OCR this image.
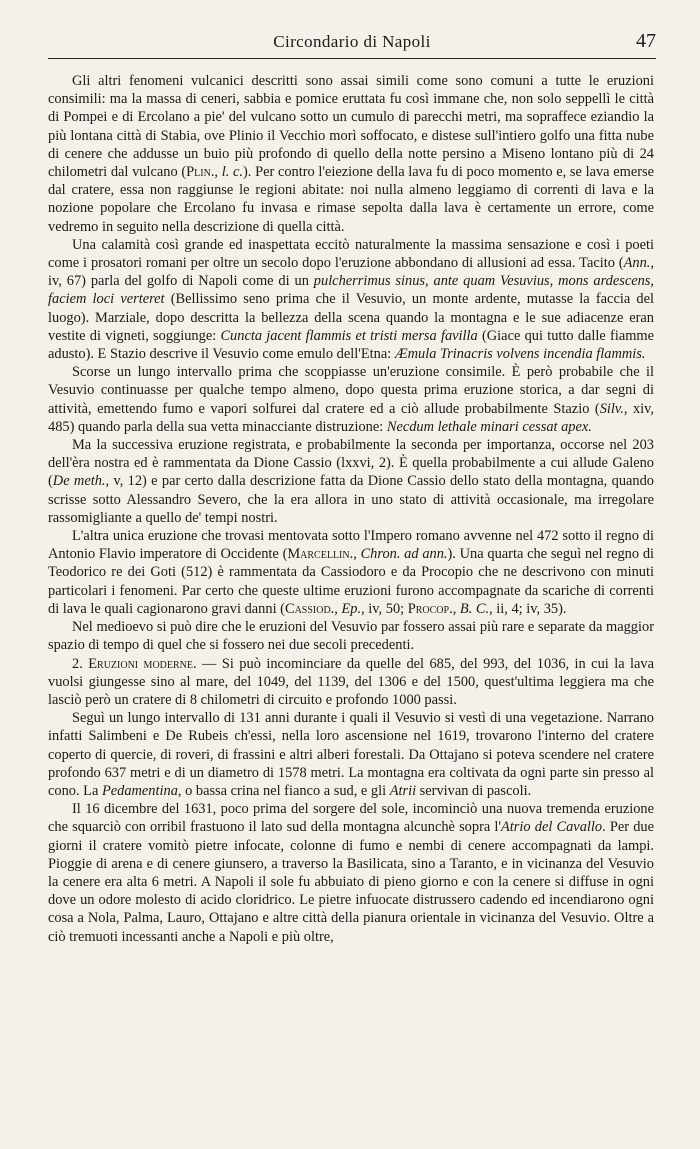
Circondario di Napoli	47

Gli altri fenomeni vulcanici descritti sono assai simili come sono comuni a tutte le eruzioni consimili: ma la massa di ceneri, sabbia e pomice eruttata fu così immane che, non solo seppellì le città di Pompei e di Ercolano a pie' del vulcano sotto un cumulo di parecchi metri, ma sopraffece eziandio la più lontana città di Stabia, ove Plinio il Vecchio morì soffocato, e distese sull'intiero golfo una fitta nube di cenere che addusse un buio più profondo di quello della notte persino a Miseno lontano più di 24 chilometri dal vulcano (Plin., l. c.). Per contro l'eiezione della lava fu di poco momento e, se lava emerse dal cratere, essa non raggiunse le regioni abitate: noi nulla almeno leggiamo di correnti di lava e la nozione popolare che Ercolano fu invasa e rimase sepolta dalla lava è certamente un errore, come vedremo in seguito nella descrizione di quella città.

Una calamità così grande ed inaspettata eccitò naturalmente la massima sensazione e così i poeti come i prosatori romani per oltre un secolo dopo l'eruzione abbondano di allusioni ad essa. Tacito (Ann., iv, 67) parla del golfo di Napoli come di un pulcherrimus sinus, ante quam Vesuvius, mons ardescens, faciem loci verteret (Bellissimo seno prima che il Vesuvio, un monte ardente, mutasse la faccia del luogo). Marziale, dopo descritta la bellezza della scena quando la montagna e le sue adiacenze eran vestite di vigneti, soggiunge: Cuncta jacent flammis et tristi mersa favilla (Giace qui tutto dalle fiamme adusto). E Stazio descrive il Vesuvio come emulo dell'Etna: Æmula Trinacris volvens incendia flammis.

Scorse un lungo intervallo prima che scoppiasse un'eruzione consimile. È però probabile che il Vesuvio continuasse per qualche tempo almeno, dopo questa prima eruzione storica, a dar segni di attività, emettendo fumo e vapori solfurei dal cratere ed a ciò allude probabilmente Stazio (Silv., xiv, 485) quando parla della sua vetta minacciante distruzione: Necdum lethale minari cessat apex.

Ma la successiva eruzione registrata, e probabilmente la seconda per importanza, occorse nel 203 dell'èra nostra ed è rammentata da Dione Cassio (lxxvi, 2). È quella probabilmente a cui allude Galeno (De meth., v, 12) e par certo dalla descrizione fatta da Dione Cassio dello stato della montagna, quando scrisse sotto Alessandro Severo, che la era allora in uno stato di attività occasionale, ma irregolare rassomigliante a quello de' tempi nostri.

L'altra unica eruzione che trovasi mentovata sotto l'Impero romano avvenne nel 472 sotto il regno di Antonio Flavio imperatore di Occidente (Marcellin., Chron. ad ann.). Una quarta che seguì nel regno di Teodorico re dei Goti (512) è rammentata da Cassiodoro e da Procopio che ne descrivono con minuti particolari i fenomeni. Par certo che queste ultime eruzioni furono accompagnate da scariche di correnti di lava le quali cagionarono gravi danni (Cassiod., Ep., iv, 50; Procop., B. C., ii, 4; iv, 35).

Nel medioevo si può dire che le eruzioni del Vesuvio par fossero assai più rare e separate da maggior spazio di tempo di quel che si fossero nei due secoli precedenti.

2. Eruzioni moderne. — Si può incominciare da quelle del 685, del 993, del 1036, in cui la lava vuolsi giungesse sino al mare, del 1049, del 1139, del 1306 e del 1500, quest'ultima leggiera ma che lasciò però un cratere di 8 chilometri di circuito e profondo 1000 passi.

Seguì un lungo intervallo di 131 anni durante i quali il Vesuvio si vestì di una vegetazione. Narrano infatti Salimbeni e De Rubeis ch'essi, nella loro ascensione nel 1619, trovarono l'interno del cratere coperto di quercie, di roveri, di frassini e altri alberi forestali. Da Ottajano si poteva scendere nel cratere profondo 637 metri e di un diametro di 1578 metri. La montagna era coltivata da ogni parte sin presso al cono. La Pedamentina, o bassa crina nel fianco a sud, e gli Atrii servivan di pascoli.

Il 16 dicembre del 1631, poco prima del sorgere del sole, incominciò una nuova tremenda eruzione che squarciò con orribil frastuono il lato sud della montagna alcunchè sopra l'Atrio del Cavallo. Per due giorni il cratere vomitò pietre infocate, colonne di fumo e nembi di cenere accompagnati da lampi. Pioggie di arena e di cenere giunsero, a traverso la Basilicata, sino a Taranto, e in vicinanza del Vesuvio la cenere era alta 6 metri. A Napoli il sole fu abbuiato di pieno giorno e con la cenere si diffuse in ogni dove un odore molesto di acido cloridrico. Le pietre infuocate distrussero cadendo ed incendiarono ogni cosa a Nola, Palma, Lauro, Ottajano e altre città della pianura orientale in vicinanza del Vesuvio. Oltre a ciò tremuoti incessanti anche a Napoli e più oltre,
